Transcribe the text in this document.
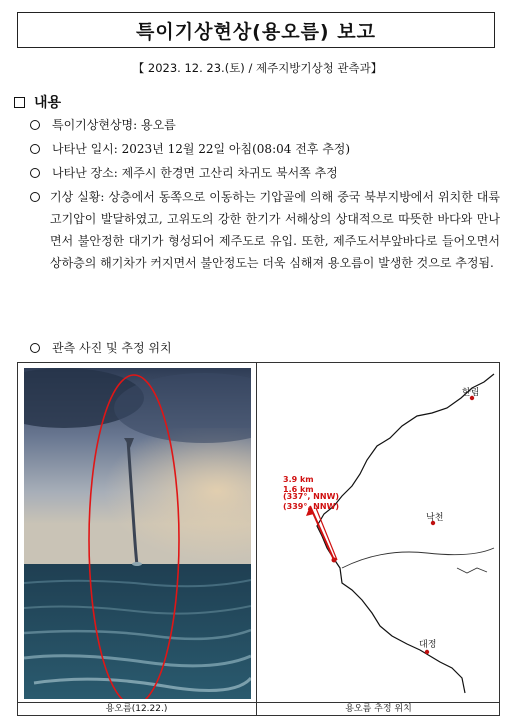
특이기상현상(용오름) 보고
【 2023. 12. 23.(토) / 제주지방기상청 관측과】
내용
특이기상현상명: 용오름
나타난 일시: 2023년 12월 22일 아침(08:04 전후 추정)
나타난 장소: 제주시 한경면 고산리 차귀도 북서쪽 추정
기상 실황: 상층에서 동쪽으로 이동하는 기압골에 의해 중국 북부지방에서 위치한 대륙고기압이 발달하였고, 고위도의 강한 한기가 서해상의 상대적으로 따뜻한 바다와 만나면서 불안정한 대기가 형성되어 제주도로 유입. 또한, 제주도서부앞바다로 들어오면서 상하층의 해기차가 커지면서 불안정도는 더욱 심해져 용오름이 발생한 것으로 추정됨.
관측 사진 및 추정 위치
한림
낙천
대정
3.9 km
1.6 km
(337°, NNW)
(339°, NNW)
용오름(12.22.)	용오름 추정 위치
